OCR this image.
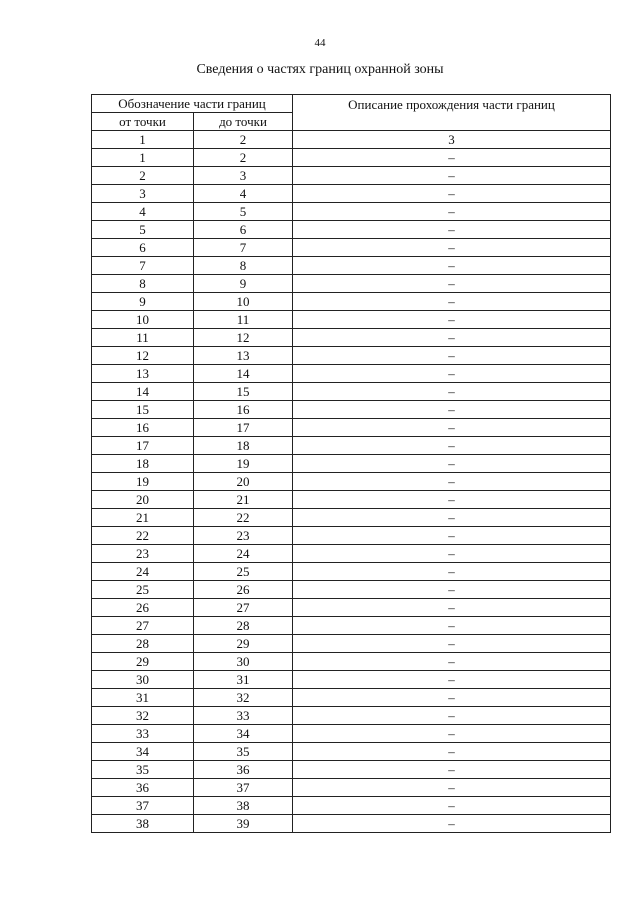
44
Сведения о частях границ охранной зоны
Обозначение части границ		Описание прохождения части границ
от точки	до точки	
1	2	3
1	2	–
2	3	–
3	4	–
4	5	–
5	6	–
6	7	–
7	8	–
8	9	–
9	10	–
10	11	–
11	12	–
12	13	–
13	14	–
14	15	–
15	16	–
16	17	–
17	18	–
18	19	–
19	20	–
20	21	–
21	22	–
22	23	–
23	24	–
24	25	–
25	26	–
26	27	–
27	28	–
28	29	–
29	30	–
30	31	–
31	32	–
32	33	–
33	34	–
34	35	–
35	36	–
36	37	–
37	38	–
38	39	–
